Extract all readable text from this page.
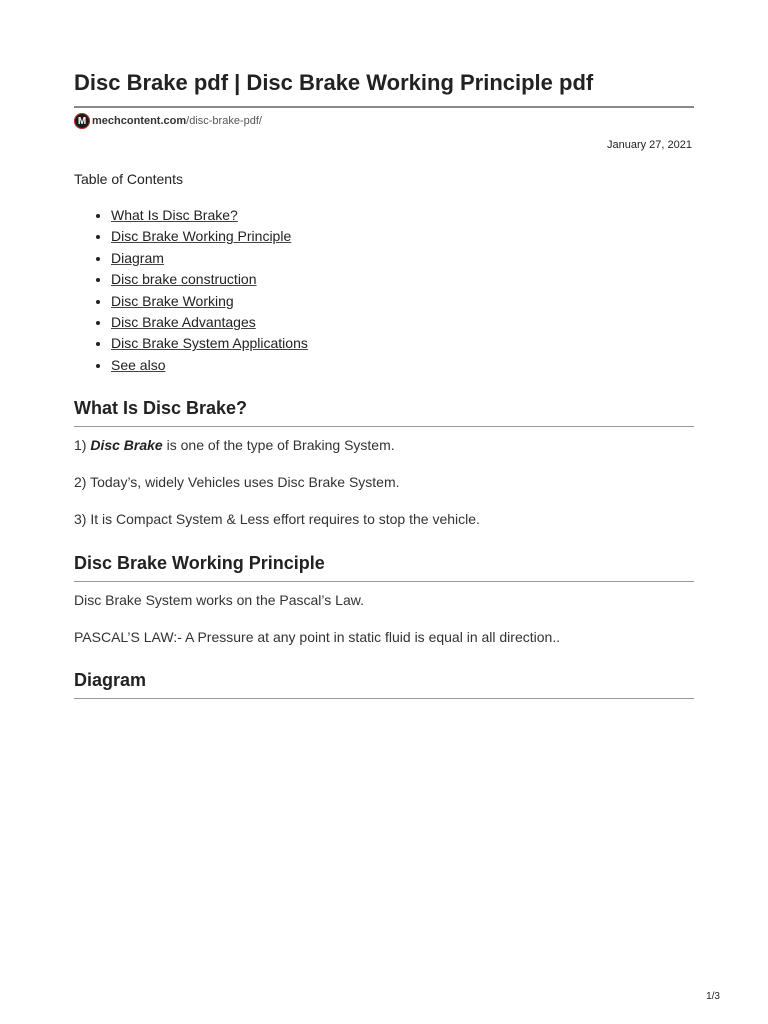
Disc Brake pdf | Disc Brake Working Principle pdf
M mechcontent.com /disc-brake-pdf/
January 27, 2021
Table of Contents
• What Is Disc Brake?
• Disc Brake Working Principle
• Diagram
• Disc brake construction
• Disc Brake Working
• Disc Brake Advantages
• Disc Brake System Applications
• See also
What Is Disc Brake?

1) Disc Brake is one of the type of Braking System.

2) Today’s, widely Vehicles uses Disc Brake System.

3) It is Compact System & Less effort requires to stop the vehicle.

Disc Brake Working Principle

Disc Brake System works on the Pascal’s Law.

PASCAL’S LAW:- A Pressure at any point in static fluid is equal in all direction..

Diagram
1/3
